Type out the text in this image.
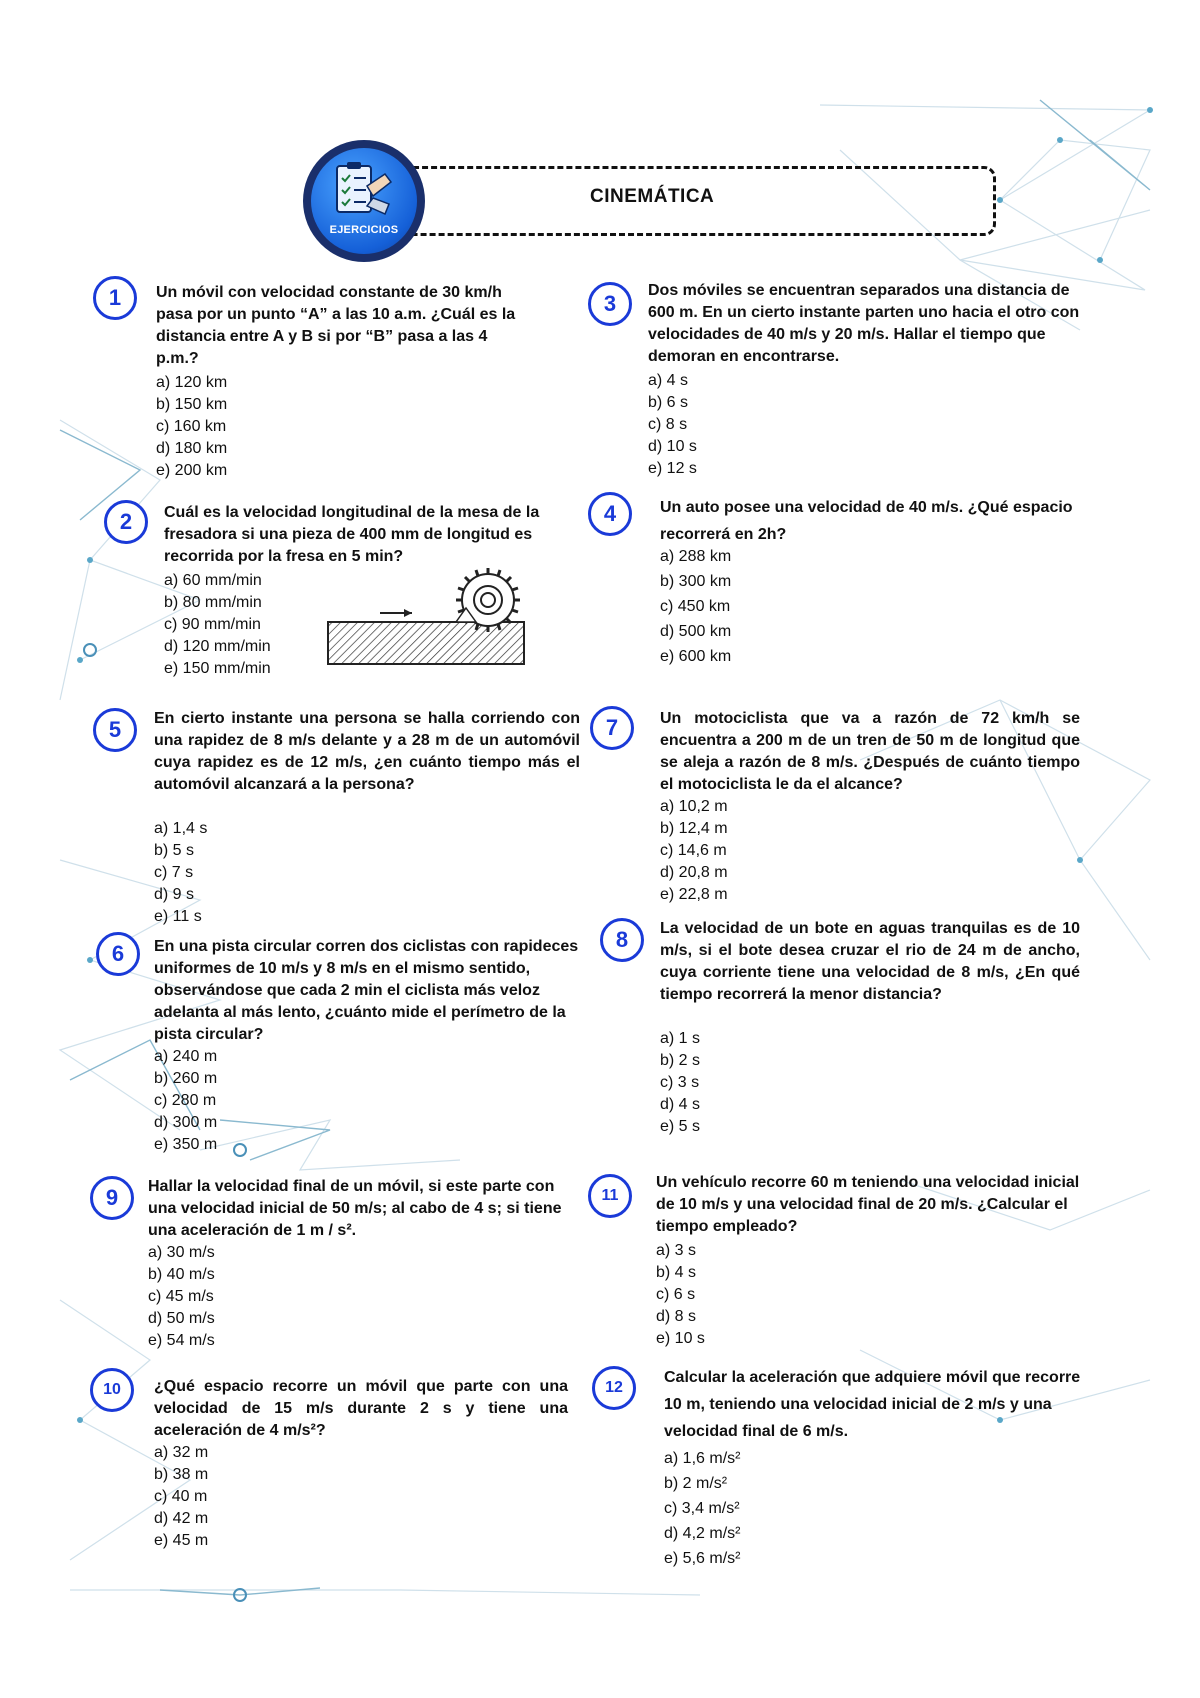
CINEMÁTICA
EJERCICIOS
1	Un móvil con velocidad constante de 30 km/h pasa por un punto “A” a las 10 a.m. ¿Cuál es la distancia entre A y B si por “B” pasa a las 4 p.m.?
a) 120 km
b) 150 km
c) 160 km
d) 180 km
e) 200 km
2	Cuál es la velocidad longitudinal de la mesa de la fresadora si una pieza de 400 mm de longitud es recorrida por la fresa en 5 min?
a) 60 mm/min
b) 80 mm/min
c) 90 mm/min
d) 120 mm/min
e) 150 mm/min
3
Dos móviles se encuentran separados una distancia de 600 m. En un cierto instante parten uno hacia el otro con velocidades de 40 m/s y 20 m/s. Hallar el tiempo que demoran en encontrarse.
a) 4 s
b) 6 s
c) 8 s
d) 10 s
e) 12 s
4	Un auto posee una velocidad de 40 m/s. ¿Qué espacio recorrerá en 2h?
a) 288 km
b) 300 km
c) 450 km
d) 500 km
e) 600 km
5	En cierto instante una persona se halla corriendo con una rapidez de 8 m/s delante y a 28 m de un automóvil cuya rapidez es de 12 m/s, ¿en cuánto tiempo más el automóvil alcanzará a la persona?
a) 1,4 s
b) 5 s
c) 7 s
d) 9 s
e) 11 s
6	En una pista circular corren dos ciclistas con rapideces uniformes de 10 m/s y 8 m/s en el mismo sentido, observándose que cada 2 min el ciclista más veloz adelanta al más lento, ¿cuánto mide el perímetro de la pista circular?
a) 240 m
b) 260 m
c) 280 m
d) 300 m
e) 350 m
7	Un motociclista que va a razón de 72 km/h se encuentra a 200 m de un tren de 50 m de longitud que se aleja a razón de 8 m/s. ¿Después de cuánto tiempo el motociclista le da el alcance?
a) 10,2 m
b) 12,4 m
c) 14,6 m
d) 20,8 m
e) 22,8 m
8	La velocidad de un bote en aguas tranquilas es de 10 m/s, si el bote desea cruzar el rio de 24 m de ancho, cuya corriente tiene una velocidad de 8 m/s, ¿En qué tiempo recorrerá la menor distancia?
a) 1 s
b) 2 s
c) 3 s
d) 4 s
e) 5 s
9	Hallar la velocidad final de un móvil, si este parte con una velocidad inicial de 50 m/s; al cabo de 4 s; si tiene una aceleración de 1 m / s².
a) 30 m/s
b) 40 m/s
c) 45 m/s
d) 50 m/s
e) 54 m/s
10	¿Qué espacio recorre un móvil que parte con una velocidad de 15 m/s durante 2 s y tiene una aceleración de 4 m/s²?
a) 32 m
b) 38 m
c) 40 m
d) 42 m
e) 45 m
11
Un vehículo recorre 60 m teniendo una velocidad inicial de 10 m/s y una velocidad final de 20 m/s. ¿Calcular el tiempo empleado?
a) 3 s
b) 4 s
c) 6 s
d) 8 s
e) 10 s
12
Calcular la aceleración que adquiere móvil que recorre 10 m, teniendo una velocidad inicial de 2 m/s y una velocidad final de 6 m/s.
a) 1,6 m/s²
b) 2 m/s²
c) 3,4 m/s²
d) 4,2 m/s²
e) 5,6 m/s²
